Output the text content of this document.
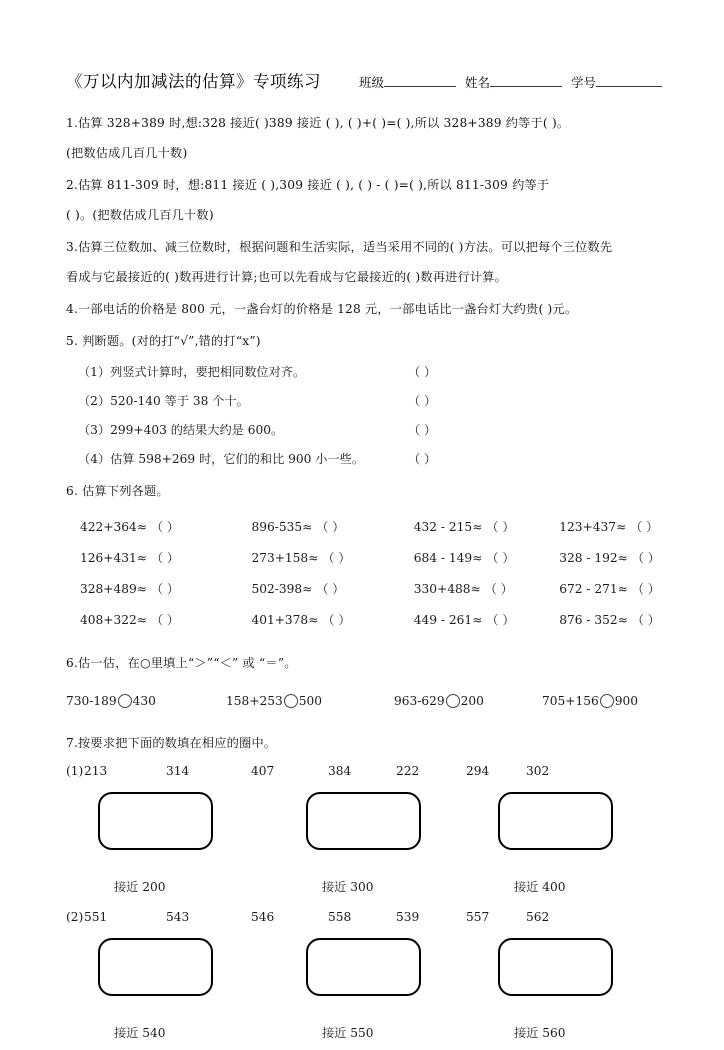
《万以内加减法的估算》专项练习	班级	姓名	学号
1.估算 328+389 时,想:328 接近( )389 接近 ( ), ( )+( )=( ),所以 328+389 约等于( )。
(把数估成几百几十数)
2.估算 811-309 时，想:811 接近 ( ),309 接近 ( ), ( ) - ( )=( ),所以 811-309 约等于
( )。(把数估成几百几十数)
3.估算三位数加、减三位数时，根据问题和生活实际，适当采用不同的( )方法。可以把每个三位数先
看成与它最接近的( )数再进行计算;也可以先看成与它最接近的( )数再进行计算。
4.一部电话的价格是 800 元，一盏台灯的价格是 128 元，一部电话比一盏台灯大约贵( )元。
5. 判断题。(对的打“√”,错的打“x”)
（1）列竖式计算时，要把相同数位对齐。	（ ）
（2）520-140 等于 38 个十。	（ ）
（3）299+403 的结果大约是 600。	（ ）
（4）估算 598+269 时，它们的和比 900 小一些。	（ ）
6. 估算下列各题。
422+364≈ （ ）	896-535≈ （ ）	432 - 215≈ （ ）	123+437≈ （ ）
126+431≈ （ ）	273+158≈ （ ）	684 - 149≈ （ ）	328 - 192≈ （ ）
328+489≈ （ ）	502-398≈ （ ）	330+488≈ （ ）	672 - 271≈ （ ）
408+322≈ （ ）	401+378≈ （ ）	449 - 261≈ （ ）	876 - 352≈ （ ）
6.估一估，在○里填上“＞”“＜” 或 “＝”。
730-189 430	158+253 500	963-629 200	705+156 900
7.按要求把下面的数填在相应的圈中。
(1) 213	314	407	384	222	294	302
接近 200	接近 300	接近 400
(2) 551	543	546	558	539	557	562
接近 540	接近 550	接近 560
